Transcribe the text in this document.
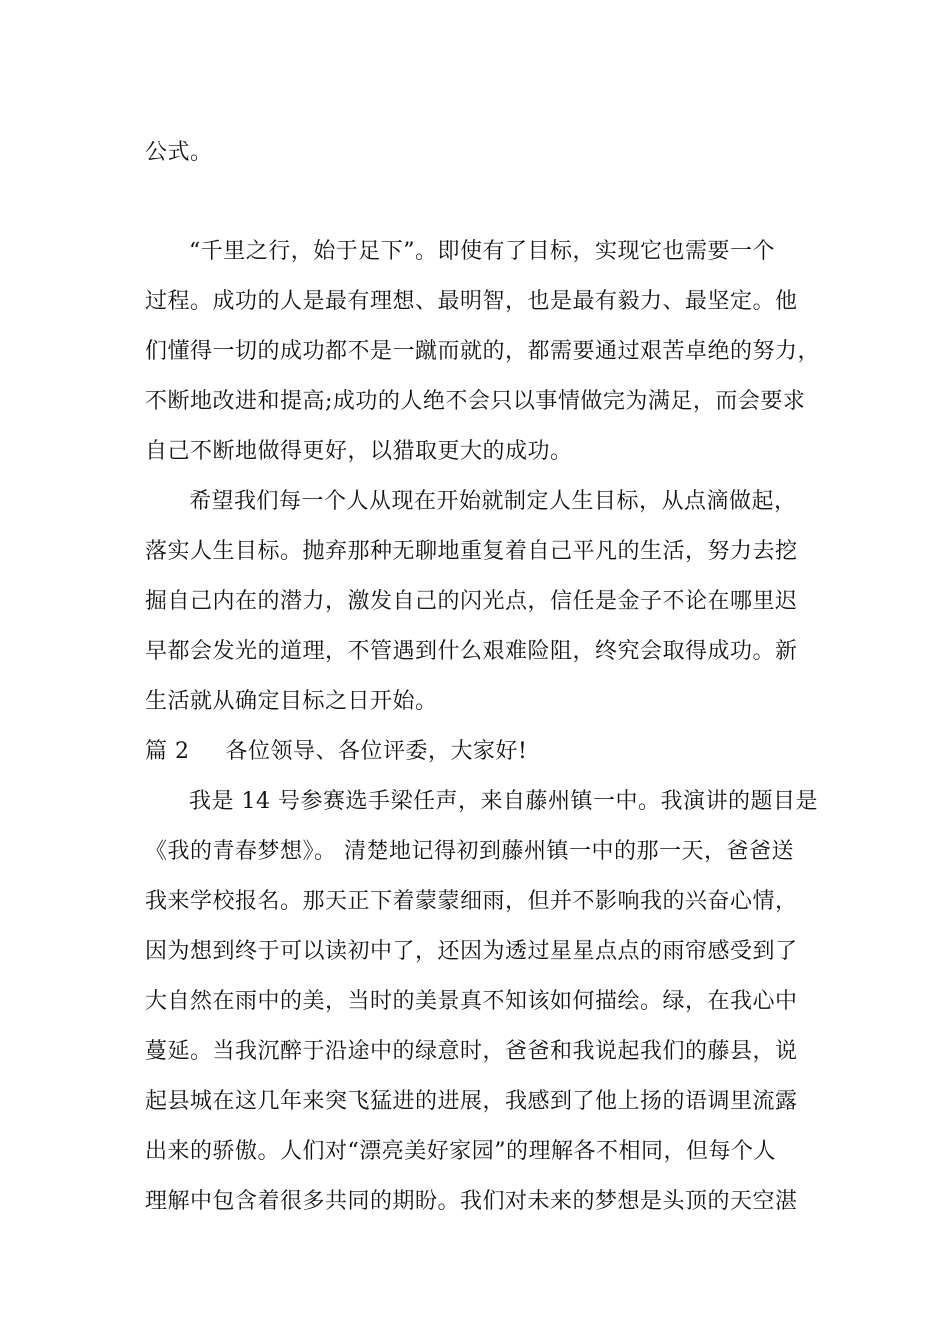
公式。
“千里之行，始于足下”。即使有了目标，实现它也需要一个
过程。成功的人是最有理想、最明智，也是最有毅力、最坚定。他
们懂得一切的成功都不是一蹴而就的，都需要通过艰苦卓绝的努力，
不断地改进和提高;成功的人绝不会只以事情做完为满足，而会要求
自己不断地做得更好，以猎取更大的成功。
希望我们每一个人从现在开始就制定人生目标，从点滴做起，
落实人生目标。抛弃那种无聊地重复着自己平凡的生活，努力去挖
掘自己内在的潜力，激发自己的闪光点，信任是金子不论在哪里迟
早都会发光的道理，不管遇到什么艰难险阻，终究会取得成功。新
生活就从确定目标之日开始。
篇 2 各位领导、各位评委，大家好!
我是 14 号参赛选手梁任声，来自藤州镇一中。我演讲的题目是
《我的青春梦想》。 清楚地记得初到藤州镇一中的那一天，爸爸送
我来学校报名。那天正下着蒙蒙细雨，但并不影响我的兴奋心情，
因为想到终于可以读初中了，还因为透过星星点点的雨帘感受到了
大自然在雨中的美，当时的美景真不知该如何描绘。绿，在我心中
蔓延。当我沉醉于沿途中的绿意时，爸爸和我说起我们的藤县，说
起县城在这几年来突飞猛进的进展，我感到了他上扬的语调里流露
出来的骄傲。人们对“漂亮美好家园”的理解各不相同，但每个人
理解中包含着很多共同的期盼。我们对未来的梦想是头顶的天空湛
